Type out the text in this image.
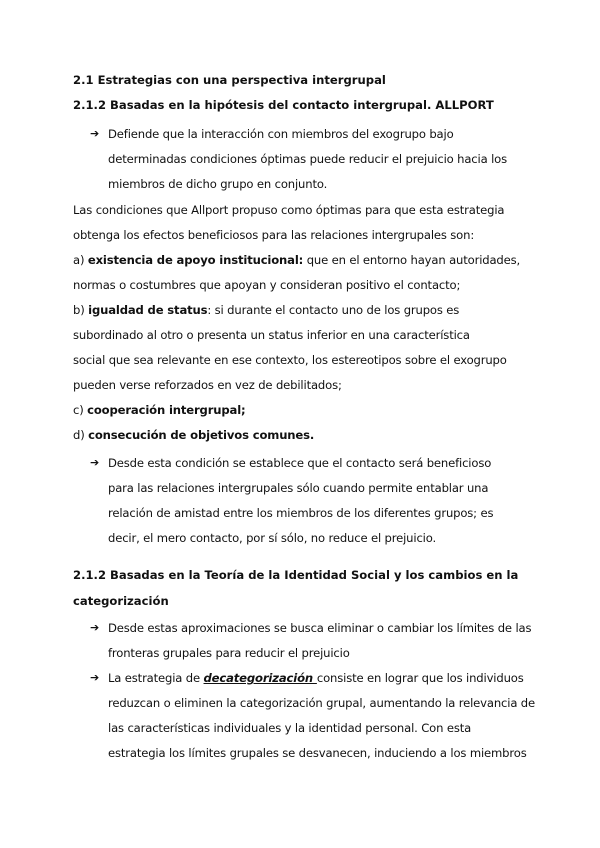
2.1 Estrategias con una perspectiva intergrupal
2.1.2 Basadas en la hipótesis del contacto intergrupal. ALLPORT
➔ Defiende que la interacción con miembros del exogrupo bajo
determinadas condiciones óptimas puede reducir el prejuicio hacia los
miembros de dicho grupo en conjunto.
Las condiciones que Allport propuso como óptimas para que esta estrategia
obtenga los efectos beneficiosos para las relaciones intergrupales son:
a) existencia de apoyo institucional: que en el entorno hayan autoridades,
normas o costumbres que apoyan y consideran positivo el contacto;
b) igualdad de status: si durante el contacto uno de los grupos es
subordinado al otro o presenta un status inferior en una característica
social que sea relevante en ese contexto, los estereotipos sobre el exogrupo
pueden verse reforzados en vez de debilitados;
c) cooperación intergrupal;
d) consecución de objetivos comunes.
➔ Desde esta condición se establece que el contacto será beneficioso
para las relaciones intergrupales sólo cuando permite entablar una
relación de amistad entre los miembros de los diferentes grupos; es
decir, el mero contacto, por sí sólo, no reduce el prejuicio.
2.1.2 Basadas en la Teoría de la Identidad Social y los cambios en la
categorización
➔ Desde estas aproximaciones se busca eliminar o cambiar los límites de las
fronteras grupales para reducir el prejuicio
➔ La estrategia de decategorización consiste en lograr que los individuos
reduzcan o eliminen la categorización grupal, aumentando la relevancia de
las características individuales y la identidad personal. Con esta
estrategia los límites grupales se desvanecen, induciendo a los miembros
